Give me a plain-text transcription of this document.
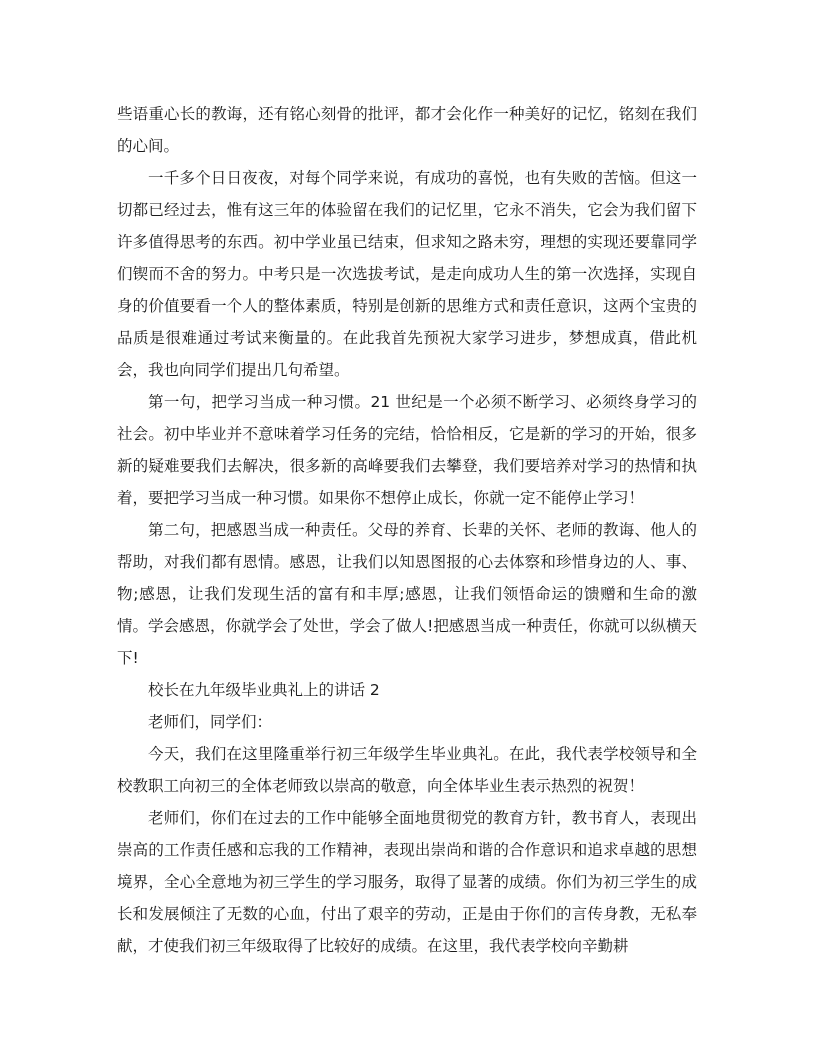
些语重心长的教诲，还有铭心刻骨的批评，都才会化作一种美好的记忆，铭刻在我们的心间。

一千多个日日夜夜，对每个同学来说，有成功的喜悦，也有失败的苦恼。但这一切都已经过去，惟有这三年的体验留在我们的记忆里，它永不消失，它会为我们留下许多值得思考的东西。初中学业虽已结束，但求知之路未穷，理想的实现还要靠同学们锲而不舍的努力。中考只是一次选拔考试，是走向成功人生的第一次选择，实现自身的价值要看一个人的整体素质，特别是创新的思维方式和责任意识，这两个宝贵的品质是很难通过考试来衡量的。在此我首先预祝大家学习进步，梦想成真，借此机会，我也向同学们提出几句希望。

第一句，把学习当成一种习惯。21 世纪是一个必须不断学习、必须终身学习的社会。初中毕业并不意味着学习任务的完结，恰恰相反，它是新的学习的开始，很多新的疑难要我们去解决，很多新的高峰要我们去攀登，我们要培养对学习的热情和执着，要把学习当成一种习惯。如果你不想停止成长，你就一定不能停止学习！

第二句，把感恩当成一种责任。父母的养育、长辈的关怀、老师的教诲、他人的帮助，对我们都有恩情。感恩，让我们以知恩图报的心去体察和珍惜身边的人、事、物;感恩，让我们发现生活的富有和丰厚;感恩，让我们领悟命运的馈赠和生命的激情。学会感恩，你就学会了处世，学会了做人!把感恩当成一种责任，你就可以纵横天下!

校长在九年级毕业典礼上的讲话 2

老师们，同学们：

今天，我们在这里隆重举行初三年级学生毕业典礼。在此，我代表学校领导和全校教职工向初三的全体老师致以崇高的敬意，向全体毕业生表示热烈的祝贺！

老师们，你们在过去的工作中能够全面地贯彻党的教育方针，教书育人，表现出崇高的工作责任感和忘我的工作精神，表现出崇尚和谐的合作意识和追求卓越的思想境界，全心全意地为初三学生的学习服务，取得了显著的成绩。你们为初三学生的成长和发展倾注了无数的心血，付出了艰辛的劳动，正是由于你们的言传身教，无私奉献，才使我们初三年级取得了比较好的成绩。在这里，我代表学校向辛勤耕
